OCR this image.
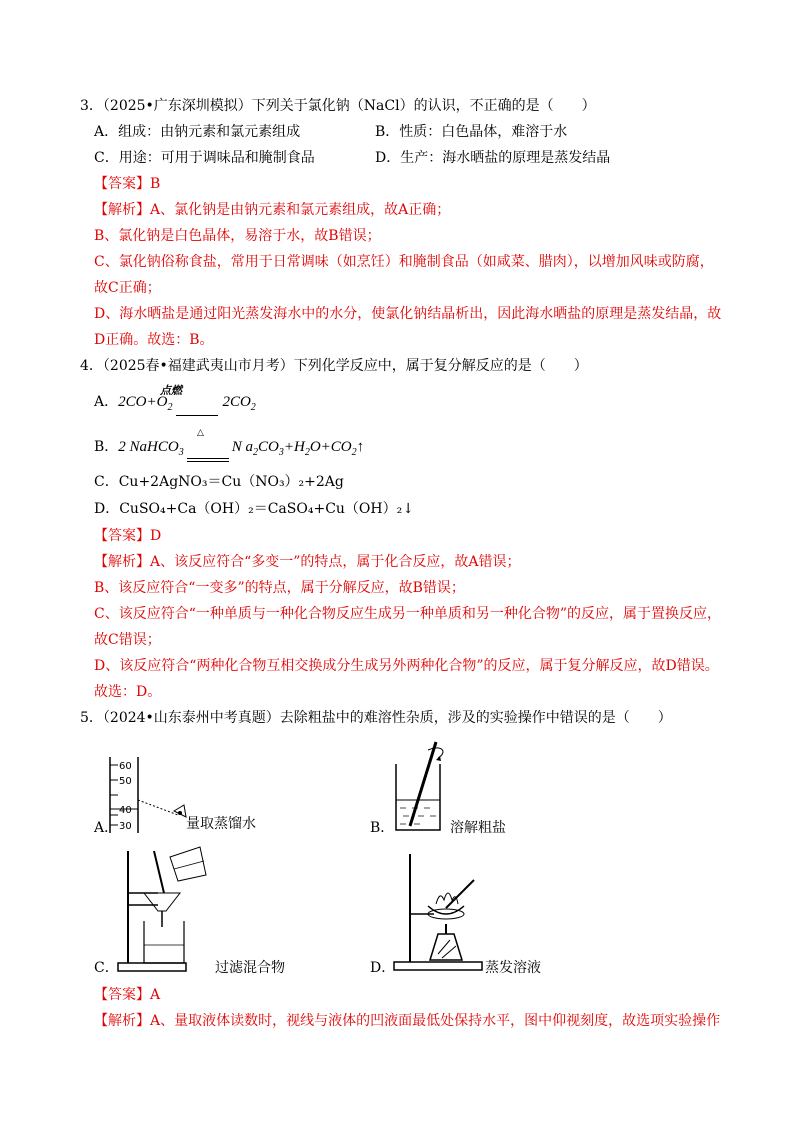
3．（2025•广东深圳模拟）下列关于氯化钠（NaCl）的认识，不正确的是（　　）
A．组成：由钠元素和氯元素组成	B．性质：白色晶体，难溶于水
C．用途：可用于调味品和腌制食品	D．生产：海水晒盐的原理是蒸发结晶
【答案】B
【解析】A、氯化钠是由钠元素和氯元素组成，故A正确；
B、氯化钠是白色晶体，易溶于水，故B错误；
C、氯化钠俗称食盐，常用于日常调味（如烹饪）和腌制食品（如咸菜、腊肉），以增加风味或防腐，
故C正确；
D、海水晒盐是通过阳光蒸发海水中的水分，使氯化钠结晶析出，因此海水晒盐的原理是蒸发结晶，故
D正确。故选：B。
4．（2025春•福建武夷山市月考）下列化学反应中，属于复分解反应的是（　　）
A．$2CO+O_2$	$2CO_2$
点燃
B．2 NaHCO$_3$	N $a_2CO_3+H_2O+CO_2↑$
△
C．Cu+2AgNO₃＝Cu（NO₃）₂+2Ag
D．CuSO₄+Ca（OH）₂＝CaSO₄+Cu（OH）₂↓
【答案】D
【解析】A、该反应符合“多变一”的特点，属于化合反应，故A错误；
B、该反应符合“一变多”的特点，属于分解反应，故B错误；
C、该反应符合“一种单质与一种化合物反应生成另一种单质和另一种化合物”的反应，属于置换反应，
故C错误；
D、该反应符合“两种化合物互相交换成分生成另外两种化合物”的反应，属于复分解反应，故D错误。
故选：D。
5．（2024•山东泰州中考真题）去除粗盐中的难溶性杂质，涉及的实验操作中错误的是（　　）
A．
60
50
40
30	量取蒸馏水	B．	溶解粗盐
C．	过滤混合物	D．	蒸发溶液
【答案】A
【解析】A、量取液体读数时，视线与液体的凹液面最低处保持水平，图中仰视刻度，故选项实验操作
